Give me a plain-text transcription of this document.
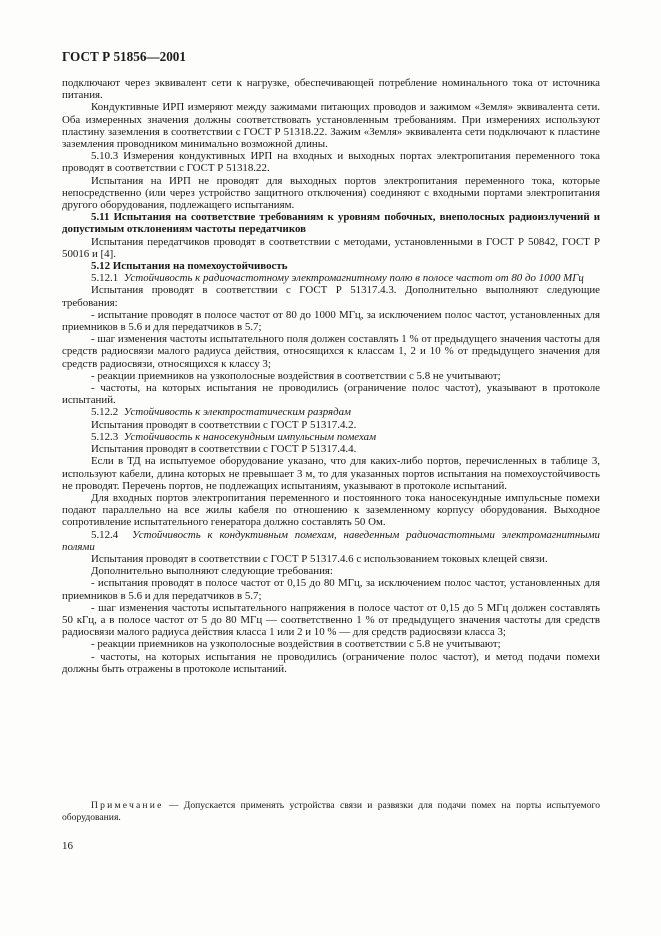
ГОСТ Р 51856—2001

подключают через эквивалент сети к нагрузке, обеспечивающей потребление номинального тока от источника питания.

Кондуктивные ИРП измеряют между зажимами питающих проводов и зажимом «Земля» эквивалента сети. Оба измеренных значения должны соответствовать установленным требованиям. При измерениях используют пластину заземления в соответствии с ГОСТ Р 51318.22. Зажим «Земля» эквивалента сети подключают к пластине заземления проводником минимально возможной длины.

5.10.3 Измерения кондуктивных ИРП на входных и выходных портах электропитания переменного тока проводят в соответствии с ГОСТ Р 51318.22.

Испытания на ИРП не проводят для выходных портов электропитания переменного тока, которые непосредственно (или через устройство защитного отключения) соединяют с входными портами электропитания другого оборудования, подлежащего испытаниям.

5.11 Испытания на соответствие требованиям к уровням побочных, внеполосных радиоизлучений и допустимым отклонениям частоты передатчиков

Испытания передатчиков проводят в соответствии с методами, установленными в ГОСТ Р 50842, ГОСТ Р 50016 и [4].

5.12 Испытания на помехоустойчивость

5.12.1 Устойчивость к радиочастотному электромагнитному полю в полосе частот от 80 до 1000 МГц

Испытания проводят в соответствии с ГОСТ Р 51317.4.3. Дополнительно выполняют следующие требования:

- испытание проводят в полосе частот от 80 до 1000 МГц, за исключением полос частот, установленных для приемников в 5.6 и для передатчиков в 5.7;

- шаг изменения частоты испытательного поля должен составлять 1 % от предыдущего значения частоты для средств радиосвязи малого радиуса действия, относящихся к классам 1, 2 и 10 % от предыдущего значения для средств радиосвязи, относящихся к классу 3;

- реакции приемников на узкополосные воздействия в соответствии с 5.8 не учитывают;

- частоты, на которых испытания не проводились (ограничение полос частот), указывают в протоколе испытаний.

5.12.2 Устойчивость к электростатическим разрядам

Испытания проводят в соответствии с ГОСТ Р 51317.4.2.

5.12.3 Устойчивость к наносекундным импульсным помехам

Испытания проводят в соответствии с ГОСТ Р 51317.4.4.

Если в ТД на испытуемое оборудование указано, что для каких-либо портов, перечисленных в таблице 3, используют кабели, длина которых не превышает 3 м, то для указанных портов испытания на помехоустойчивость не проводят. Перечень портов, не подлежащих испытаниям, указывают в протоколе испытаний.

Для входных портов электропитания переменного и постоянного тока наносекундные импульсные помехи подают параллельно на все жилы кабеля по отношению к заземленному корпусу оборудования. Выходное сопротивление испытательного генератора должно составлять 50 Ом.

5.12.4 Устойчивость к кондуктивным помехам, наведенным радиочастотными электромагнитными полями

Испытания проводят в соответствии с ГОСТ Р 51317.4.6 с использованием токовых клещей связи.

Дополнительно выполняют следующие требования:

- испытания проводят в полосе частот от 0,15 до 80 МГц, за исключением полос частот, установленных для приемников в 5.6 и для передатчиков в 5.7;

- шаг изменения частоты испытательного напряжения в полосе частот от 0,15 до 5 МГц должен составлять 50 кГц, а в полосе частот от 5 до 80 МГц — соответственно 1 % от предыдущего значения частоты для средств радиосвязи малого радиуса действия класса 1 или 2 и 10 % — для средств радиосвязи класса 3;

- реакции приемников на узкополосные воздействия в соответствии с 5.8 не учитывают;

- частоты, на которых испытания не проводились (ограничение полос частот), и метод подачи помехи должны быть отражены в протоколе испытаний.

Примечание — Допускается применять устройства связи и развязки для подачи помех на порты испытуемого оборудования.
16
